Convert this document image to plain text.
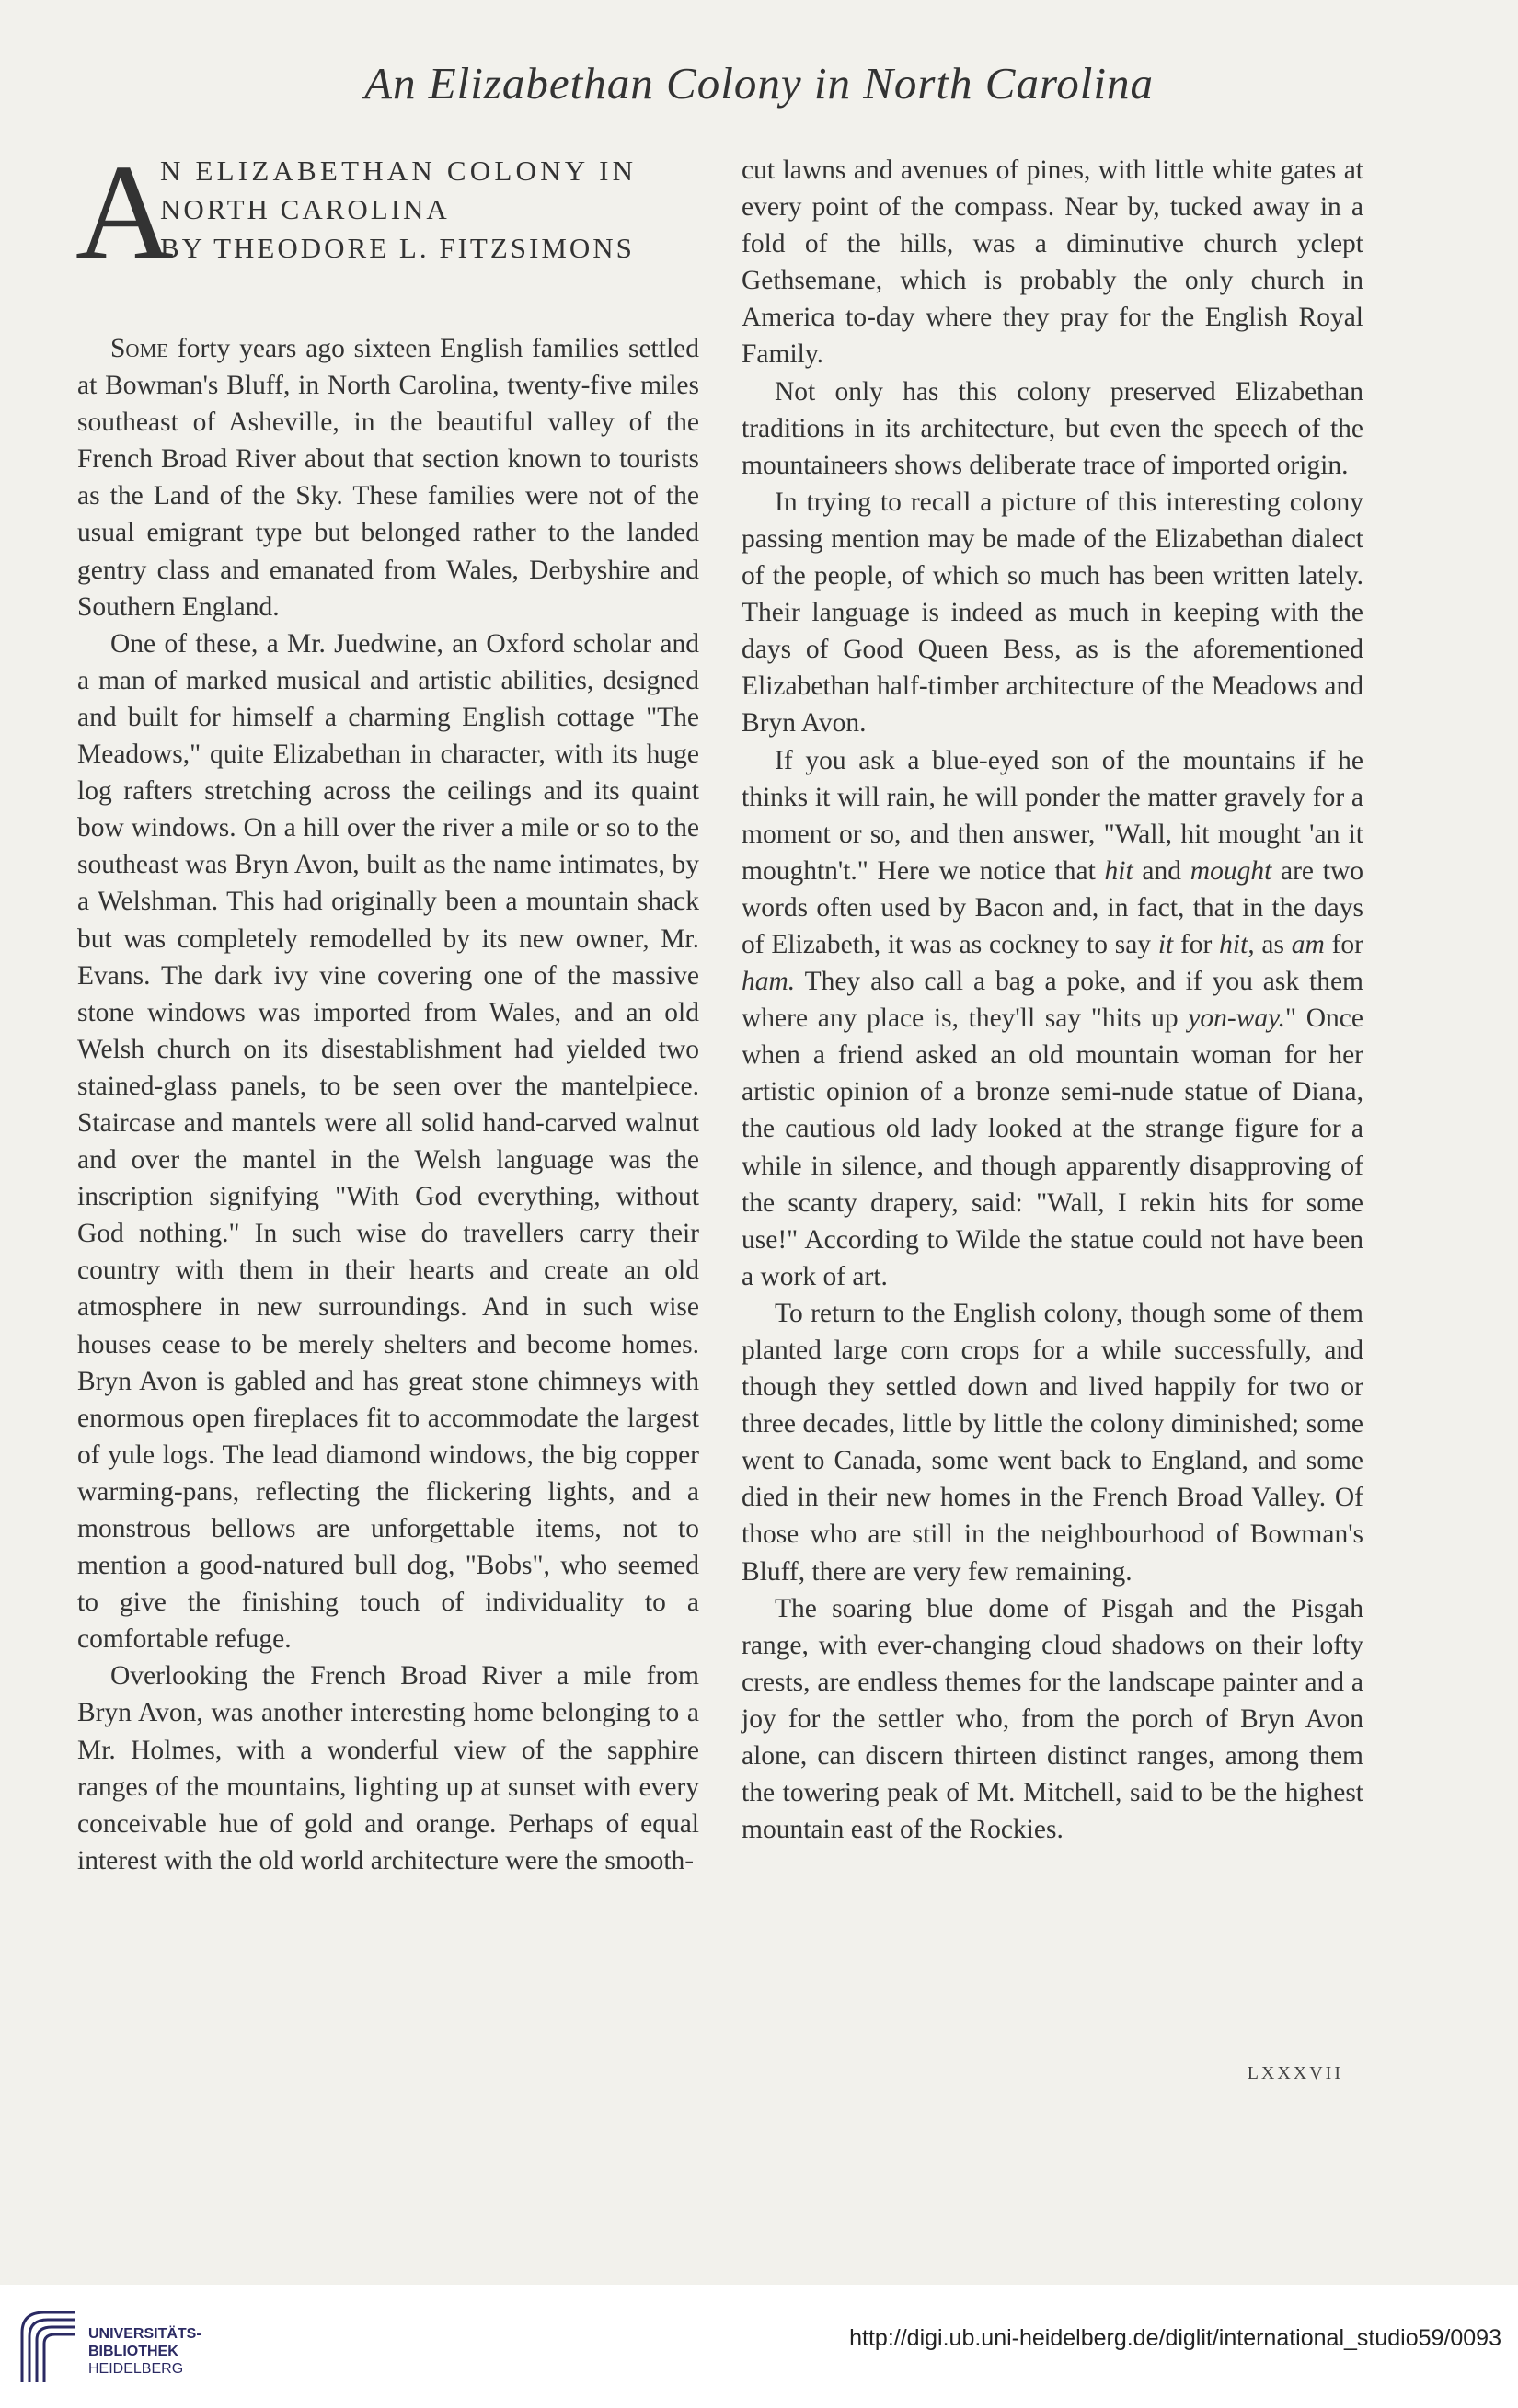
An Elizabethan Colony in North Carolina
A
N ELIZABETHAN COLONY IN
NORTH CAROLINA
BY THEODORE L. FITZSIMONS

Some forty years ago sixteen English families settled at Bowman's Bluff, in North Carolina, twenty-five miles southeast of Asheville, in the beautiful valley of the French Broad River about that section known to tourists as the Land of the Sky. These families were not of the usual emigrant type but belonged rather to the landed gentry class and emanated from Wales, Derbyshire and Southern England.

One of these, a Mr. Juedwine, an Oxford scholar and a man of marked musical and artistic abilities, designed and built for himself a charming English cottage "The Meadows," quite Elizabethan in character, with its huge log rafters stretching across the ceilings and its quaint bow windows. On a hill over the river a mile or so to the southeast was Bryn Avon, built as the name intimates, by a Welshman. This had originally been a mountain shack but was completely remodelled by its new owner, Mr. Evans. The dark ivy vine covering one of the massive stone windows was imported from Wales, and an old Welsh church on its disestablishment had yielded two stained-glass panels, to be seen over the mantelpiece. Staircase and mantels were all solid hand-carved walnut and over the mantel in the Welsh language was the inscription signifying "With God everything, without God nothing." In such wise do travellers carry their country with them in their hearts and create an old atmosphere in new surroundings. And in such wise houses cease to be merely shelters and become homes. Bryn Avon is gabled and has great stone chimneys with enormous open fireplaces fit to accommodate the largest of yule logs. The lead diamond windows, the big copper warming-pans, reflecting the flickering lights, and a monstrous bellows are unforgettable items, not to mention a good-natured bull dog, "Bobs", who seemed to give the finishing touch of individuality to a comfortable refuge.

Overlooking the French Broad River a mile from Bryn Avon, was another interesting home belonging to a Mr. Holmes, with a wonderful view of the sapphire ranges of the mountains, lighting up at sunset with every conceivable hue of gold and orange. Perhaps of equal interest with the old world architecture were the smooth-

cut lawns and avenues of pines, with little white gates at every point of the compass. Near by, tucked away in a fold of the hills, was a diminutive church yclept Gethsemane, which is probably the only church in America to-day where they pray for the English Royal Family.

Not only has this colony preserved Elizabethan traditions in its architecture, but even the speech of the mountaineers shows deliberate trace of imported origin.

In trying to recall a picture of this interesting colony passing mention may be made of the Elizabethan dialect of the people, of which so much has been written lately. Their language is indeed as much in keeping with the days of Good Queen Bess, as is the aforementioned Elizabethan half-timber architecture of the Meadows and Bryn Avon.

If you ask a blue-eyed son of the mountains if he thinks it will rain, he will ponder the matter gravely for a moment or so, and then answer, "Wall, hit mought 'an it moughtn't." Here we notice that hit and mought are two words often used by Bacon and, in fact, that in the days of Elizabeth, it was as cockney to say it for hit, as am for ham. They also call a bag a poke, and if you ask them where any place is, they'll say "hits up yon-way." Once when a friend asked an old mountain woman for her artistic opinion of a bronze semi-nude statue of Diana, the cautious old lady looked at the strange figure for a while in silence, and though apparently disapproving of the scanty drapery, said: "Wall, I rekin hits for some use!" According to Wilde the statue could not have been a work of art.

To return to the English colony, though some of them planted large corn crops for a while successfully, and though they settled down and lived happily for two or three decades, little by little the colony diminished; some went to Canada, some went back to England, and some died in their new homes in the French Broad Valley. Of those who are still in the neighbourhood of Bowman's Bluff, there are very few remaining.

The soaring blue dome of Pisgah and the Pisgah range, with ever-changing cloud shadows on their lofty crests, are endless themes for the landscape painter and a joy for the settler who, from the porch of Bryn Avon alone, can discern thirteen distinct ranges, among them the towering peak of Mt. Mitchell, said to be the highest mountain east of the Rockies.

LXXXVII
UNIVERSITÄTS-
BIBLIOTHEK
HEIDELBERG
http://digi.ub.uni-heidelberg.de/diglit/international_studio59/0093
